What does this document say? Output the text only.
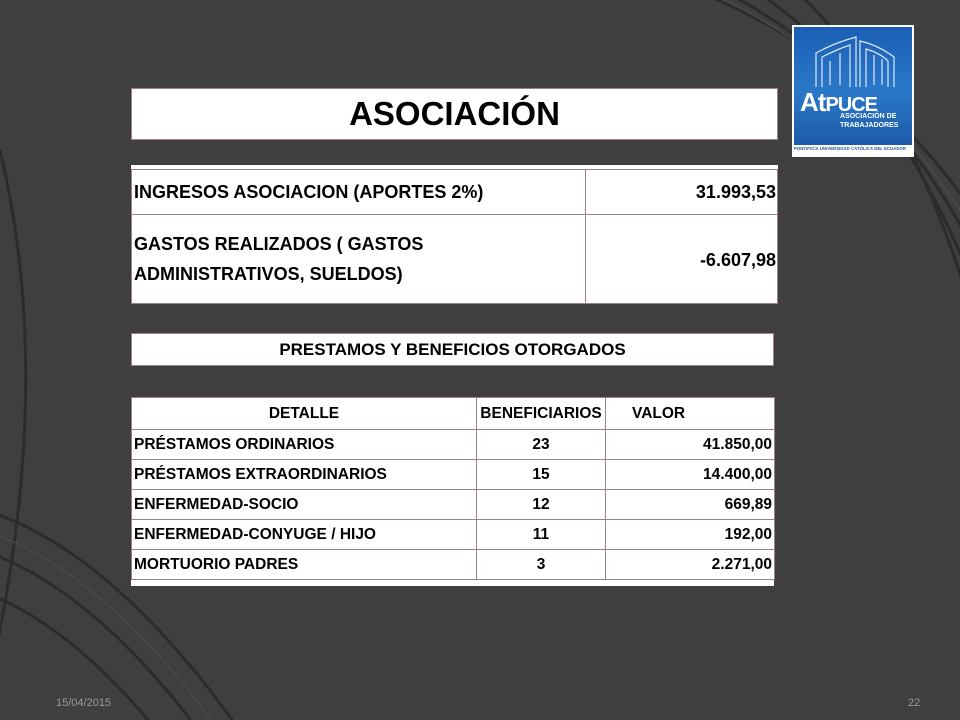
AtPUCE
ASOCIACIÓN DE
TRABAJADORES
PONTIFICIA UNIVERSIDAD CATÓLICA DEL ECUADOR
ASOCIACIÓN
INGRESOS ASOCIACION (APORTES 2%)	31.993,53
GASTOS REALIZADOS ( GASTOS
ADMINISTRATIVOS, SUELDOS)
-6.607,98
PRESTAMOS Y BENEFICIOS OTORGADOS
DETALLE	BENEFICIARIOS	VALOR
PRÉSTAMOS ORDINARIOS	23	41.850,00
PRÉSTAMOS EXTRAORDINARIOS	15	14.400,00
ENFERMEDAD-SOCIO	12	669,89
ENFERMEDAD-CONYUGE / HIJO	11	192,00
MORTUORIO PADRES	3	2.271,00
15/04/2015	22
